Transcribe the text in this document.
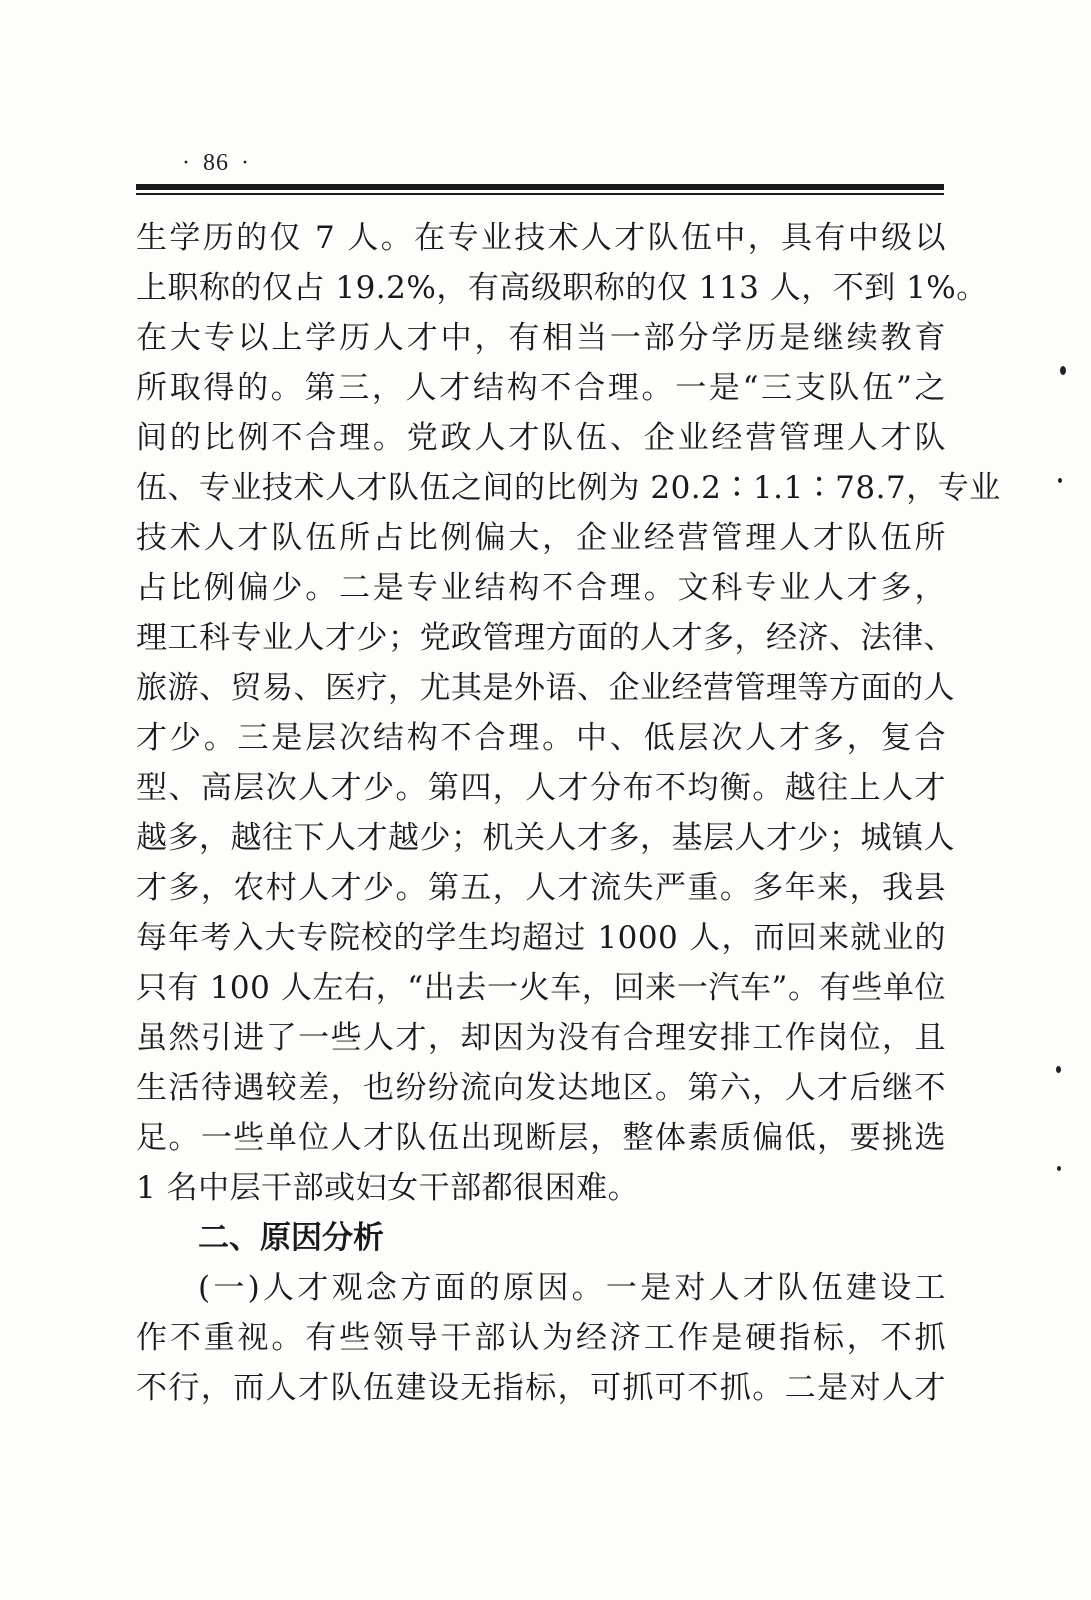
· 86 ·
生学历的仅 7 人。在专业技术人才队伍中，具有中级以
上职称的仅占 19.2%，有高级职称的仅 113 人，不到 1%。
在大专以上学历人才中，有相当一部分学历是继续教育
所取得的。第三，人才结构不合理。一是“三支队伍”之
间的比例不合理。党政人才队伍、企业经营管理人才队
伍、专业技术人才队伍之间的比例为 20.2∶1.1∶78.7，专业
技术人才队伍所占比例偏大，企业经营管理人才队伍所
占比例偏少。二是专业结构不合理。文科专业人才多，
理工科专业人才少；党政管理方面的人才多，经济、法律、
旅游、贸易、医疗，尤其是外语、企业经营管理等方面的人
才少。三是层次结构不合理。中、低层次人才多，复合
型、高层次人才少。第四，人才分布不均衡。越往上人才
越多，越往下人才越少；机关人才多，基层人才少；城镇人
才多，农村人才少。第五，人才流失严重。多年来，我县
每年考入大专院校的学生均超过 1000 人，而回来就业的
只有 100 人左右，“出去一火车，回来一汽车”。有些单位
虽然引进了一些人才，却因为没有合理安排工作岗位，且
生活待遇较差，也纷纷流向发达地区。第六，人才后继不
足。一些单位人才队伍出现断层，整体素质偏低，要挑选
1 名中层干部或妇女干部都很困难。
二、原因分析
(一)人才观念方面的原因。一是对人才队伍建设工
作不重视。有些领导干部认为经济工作是硬指标，不抓
不行，而人才队伍建设无指标，可抓可不抓。二是对人才
